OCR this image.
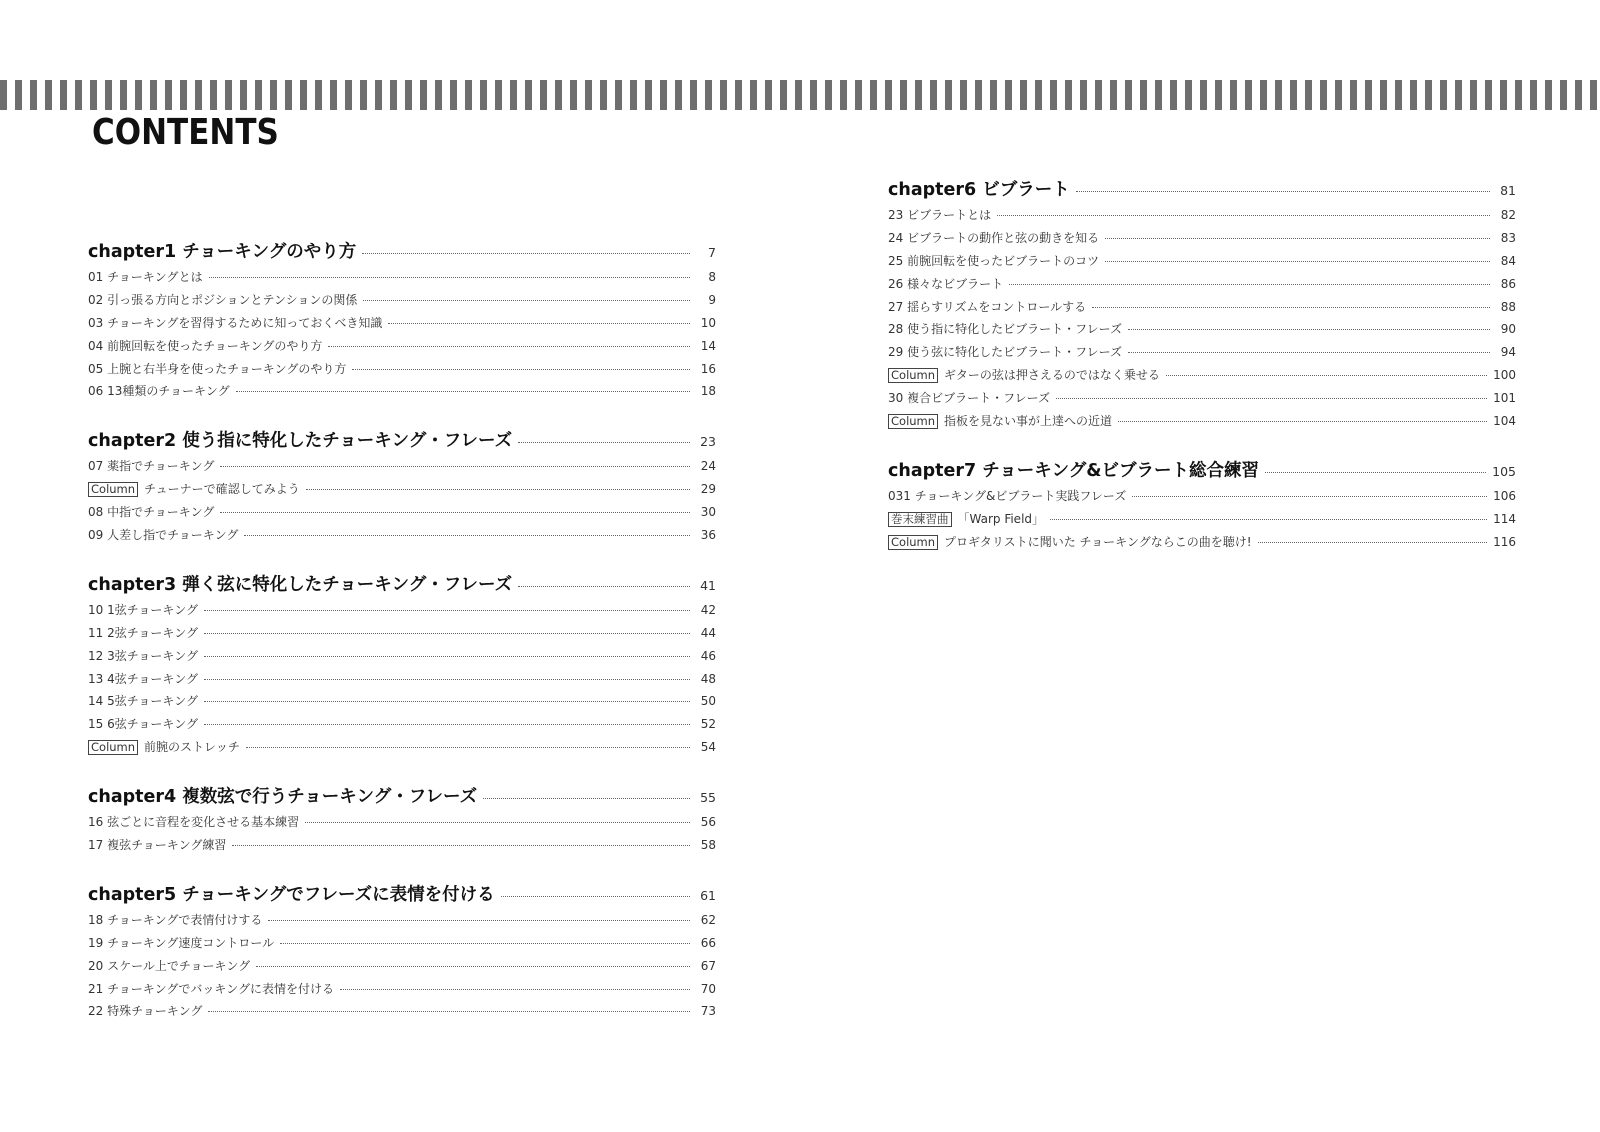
CONTENTS
chapter1 チョーキングのやり方	7
01 チョーキングとは	8
02 引っ張る方向とポジションとテンションの関係	9
03 チョーキングを習得するために知っておくべき知識	10
04 前腕回転を使ったチョーキングのやり方	14
05 上腕と右半身を使ったチョーキングのやり方	16
06 13種類のチョーキング	18
chapter2 使う指に特化したチョーキング・フレーズ	23
07 薬指でチョーキング	24
Column チューナーで確認してみよう	29
08 中指でチョーキング	30
09 人差し指でチョーキング	36
chapter3 弾く弦に特化したチョーキング・フレーズ	41
10 1弦チョーキング	42
11 2弦チョーキング	44
12 3弦チョーキング	46
13 4弦チョーキング	48
14 5弦チョーキング	50
15 6弦チョーキング	52
Column 前腕のストレッチ	54
chapter4 複数弦で行うチョーキング・フレーズ	55
16 弦ごとに音程を変化させる基本練習	56
17 複弦チョーキング練習	58
chapter5 チョーキングでフレーズに表情を付ける	61
18 チョーキングで表情付けする	62
19 チョーキング速度コントロール	66
20 スケール上でチョーキング	67
21 チョーキングでバッキングに表情を付ける	70
22 特殊チョーキング	73
chapter6 ビブラート	81
23 ビブラートとは	82
24 ビブラートの動作と弦の動きを知る	83
25 前腕回転を使ったビブラートのコツ	84
26 様々なビブラート	86
27 揺らすリズムをコントロールする	88
28 使う指に特化したビブラート・フレーズ	90
29 使う弦に特化したビブラート・フレーズ	94
Column ギターの弦は押さえるのではなく乗せる	100
30 複合ビブラート・フレーズ	101
Column 指板を見ない事が上達への近道	104
chapter7 チョーキング&ビブラート総合練習	105
031 チョーキング&ビブラート実践フレーズ	106
巻末練習曲 「Warp Field」	114
Column プロギタリストに聞いた チョーキングならこの曲を聴け!	116
